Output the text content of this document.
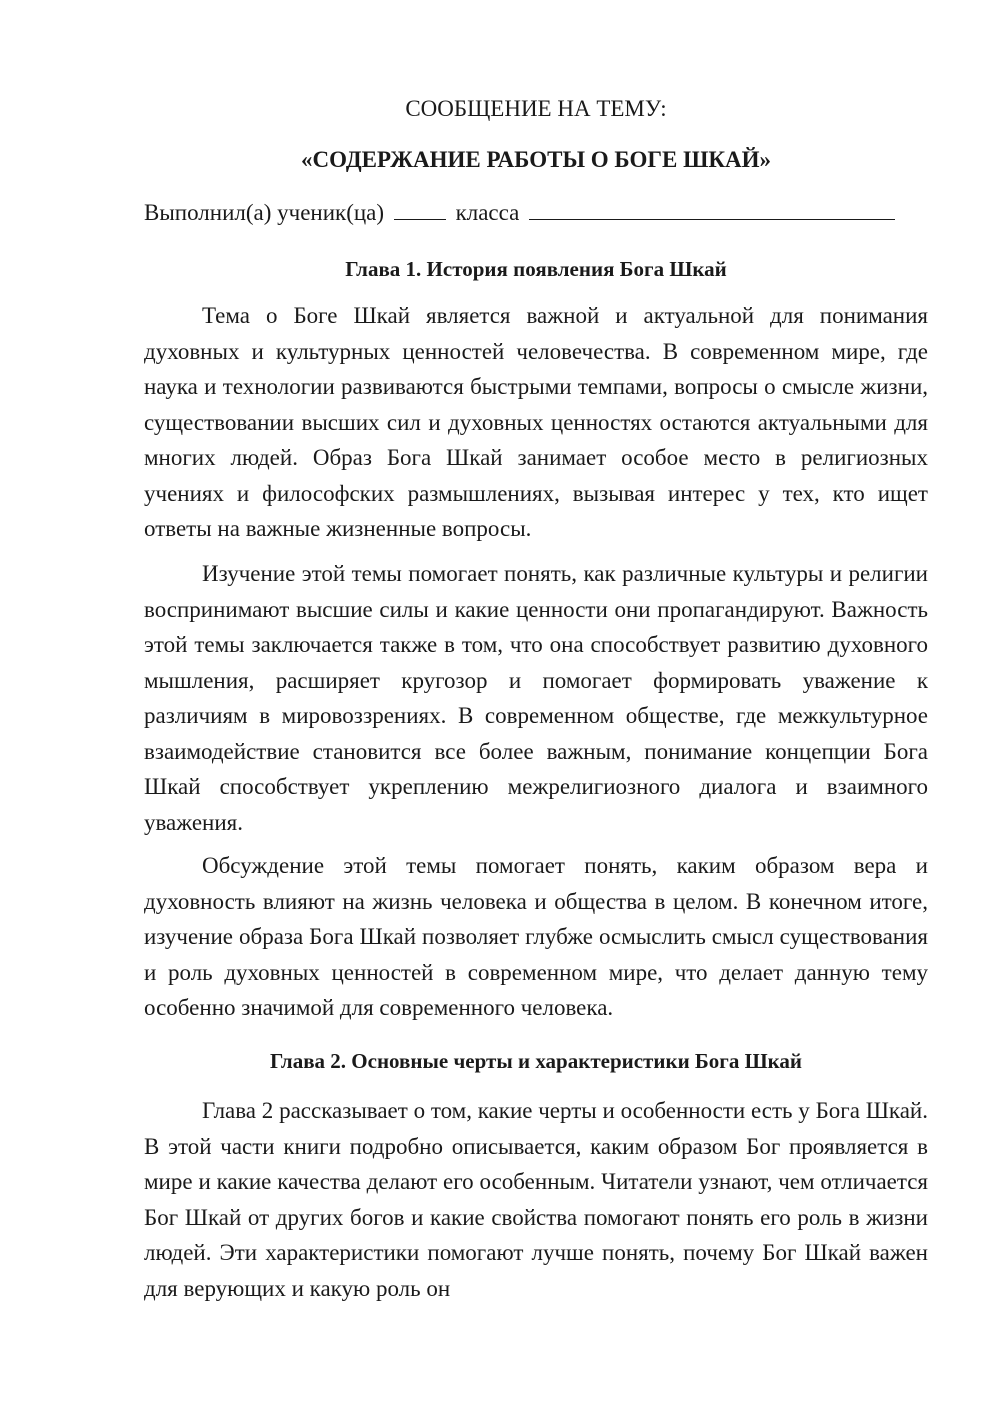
СООБЩЕНИЕ НА ТЕМУ:
«СОДЕРЖАНИЕ РАБОТЫ О БОГЕ ШКАЙ»
Выполнил(а) ученик(ца)	класса
Глава 1. История появления Бога Шкай

Тема о Боге Шкай является важной и актуальной для понимания духовных и культурных ценностей человечества. В современном мире, где наука и технологии развиваются быстрыми темпами, вопросы о смысле жизни, существовании высших сил и духовных ценностях остаются актуальными для многих людей. Образ Бога Шкай занимает особое место в религиозных учениях и философских размышлениях, вызывая интерес у тех, кто ищет ответы на важные жизненные вопросы.

Изучение этой темы помогает понять, как различные культуры и религии воспринимают высшие силы и какие ценности они пропагандируют. Важность этой темы заключается также в том, что она способствует развитию духовного мышления, расширяет кругозор и помогает формировать уважение к различиям в мировоззрениях. В современном обществе, где межкультурное взаимодействие становится все более важным, понимание концепции Бога Шкай способствует укреплению межрелигиозного диалога и взаимного уважения.

Обсуждение этой темы помогает понять, каким образом вера и духовность влияют на жизнь человека и общества в целом. В конечном итоге, изучение образа Бога Шкай позволяет глубже осмыслить смысл существования и роль духовных ценностей в современном мире, что делает данную тему особенно значимой для современного человека.

Глава 2. Основные черты и характеристики Бога Шкай

Глава 2 рассказывает о том, какие черты и особенности есть у Бога Шкай. В этой части книги подробно описывается, каким образом Бог проявляется в мире и какие качества делают его особенным. Читатели узнают, чем отличается Бог Шкай от других богов и какие свойства помогают понять его роль в жизни людей. Эти характеристики помогают лучше понять, почему Бог Шкай важен для верующих и какую роль он
